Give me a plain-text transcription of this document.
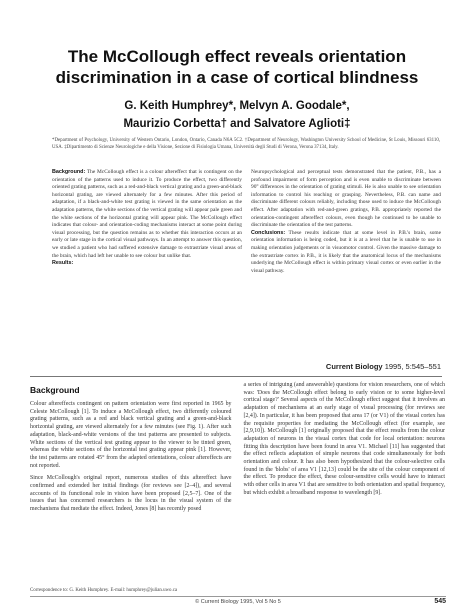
The McCollough effect reveals orientation discrimination in a case of cortical blindness
G. Keith Humphrey*, Melvyn A. Goodale*,
Maurizio Corbetta† and Salvatore Aglioti‡
*Department of Psychology, University of Western Ontario, London, Ontario, Canada N6A 5C2. †Department of Neurology, Washington University School of Medicine, St Louis, Missouri 63110, USA. ‡Dipartimento di Scienze Neurologiche e della Visione, Sezione di Fisiologia Umana, Università degli Studi di Verona, Verona 37134, Italy.
Background: The McCollough effect is a colour aftereffect that is contingent on the orientation of the patterns used to induce it. To produce the effect, two differently oriented grating patterns, such as a red-and-black vertical grating and a green-and-black horizontal grating, are viewed alternately for a few minutes. After this period of adaptation, if a black-and-white test grating is viewed in the same orientation as the adaptation patterns, the white sections of the vertical grating will appear pale green and the white sections of the horizontal grating will appear pink. The McCollough effect indicates that colour- and orientation-coding mechanisms interact at some point during visual processing, but the question remains as to whether this interaction occurs at an early or late stage in the cortical visual pathways. In an attempt to answer this question, we studied a patient who had suffered extensive damage to extrastriate visual areas of the brain, which had left her unable to see colour but unlike that.
Results:
Neuropsychological and perceptual tests demonstrated that the patient, P.B., has a profound impairment of form perception and is even unable to discriminate between 90° differences in the orientation of grating stimuli. He is also unable to see orientation information to control his reaching or grasping. Nevertheless, P.B. can name and discriminate different colours reliably, including those used to induce the McCollough effect. After adaptation with red-and-green gratings, P.B. appropriately reported the orientation-contingent aftereffect colours, even though he continued to be unable to discriminate the orientation of the test patterns.
Conclusions: These results indicate that at some level in P.B.'s brain, some orientation information is being coded, but it is at a level that he is unable to use in making orientation judgements or in visuomotor control. Given the massive damage to the extrastriate cortex in P.B., it is likely that the anatomical locus of the mechanisms underlying the McCollough effect is within primary visual cortex or even earlier in the visual pathway.
Current Biology 1995, 5:545–551
Background

Colour aftereffects contingent on pattern orientation were first reported in 1965 by Celeste McCollough [1]. To induce a McCollough effect, two differently coloured grating patterns, such as a red and black vertical grating and a green-and-black horizontal grating, are viewed alternately for a few minutes (see Fig. 1). After such adaptation, black-and-white versions of the test patterns are presented to subjects. White sections of the vertical test grating appear to the viewer to be tinted green, whereas the white sections of the horizontal test grating appear pink [1]. However, the test patterns are rotated 45° from the adapted orientations, colour aftereffects are not reported.

Since McCollough's original report, numerous studies of this aftereffect have confirmed and extended her initial findings (for reviews see [2–4]), and several accounts of its functional role in vision have been proposed [2,5–7]. One of the issues that has concerned researchers is the locus in the visual system of the mechanisms that mediate the effect. Indeed, Jones [8] has recently posed

a series of intriguing (and answerable) questions for vision researchers, one of which was: 'Does the McCollough effect belong to early vision or to some higher-level cortical stage?' Several aspects of the McCollough effect suggest that it involves an adaptation of mechanisms at an early stage of visual processing (for reviews see [2,4]). In particular, it has been proposed that area 17 (or V1) of the visual cortex has the requisite properties for mediating the McCollough effect (for example, see [2,9,10]). McCollough [1] originally proposed that the effect results from the colour adaptation of neurons in the visual cortex that code for local orientation: neurons fitting this description have been found in area V1. Michael [11] has suggested that the effect reflects adaptation of simple neurons that code simultaneously for both orientation and colour. It has also been hypothesized that the colour-selective cells found in the 'blobs' of area V1 [12,13] could be the site of the colour component of the effect. To produce the effect, these colour-sensitive cells would have to interact with other cells in area V1 that are sensitive to both orientation and spatial frequency, but which exhibit a broadband response to wavelength [9].

Correspondence to: G. Keith Humphrey. E-mail: humphrey@julian.uwo.ca
© Current Biology 1995, Vol 5 No 5	545
